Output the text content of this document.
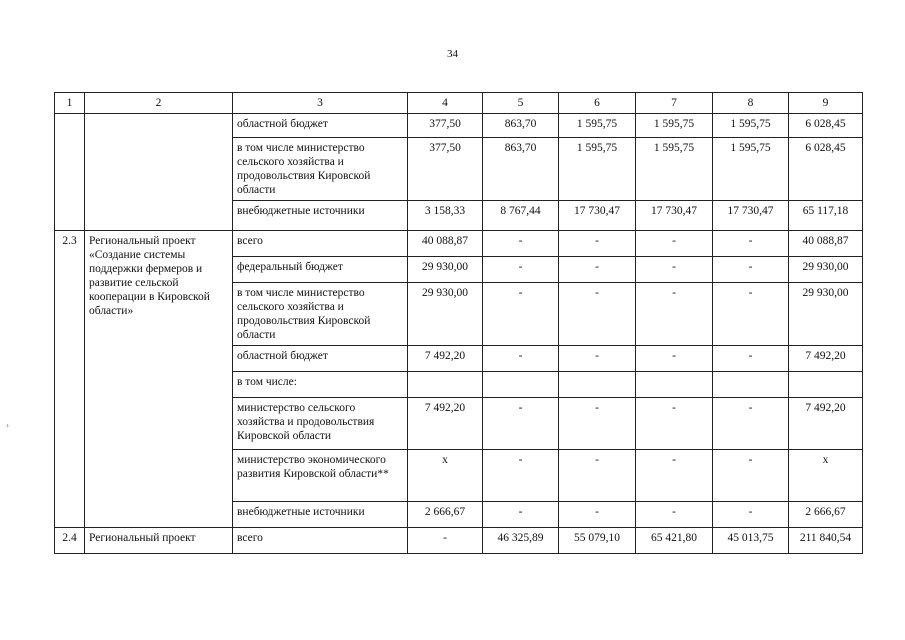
34
1	2	3	4	5	6	7	8	9
		областной бюджет	377,50	863,70	1 595,75	1 595,75	1 595,75	6 028,45
		в том числе министерство сельского хозяйства и продовольствия Кировской области	377,50	863,70	1 595,75	1 595,75	1 595,75	6 028,45
		внебюджетные источники	3 158,33	8 767,44	17 730,47	17 730,47	17 730,47	65 117,18
2.3	Региональный проект «Создание системы поддержки фермеров и развитие сельской кооперации в Кировской области»	всего	40 088,87	-	-	-	-	40 088,87
		федеральный бюджет	29 930,00	-	-	-	-	29 930,00
		в том числе министерство сельского хозяйства и продовольствия Кировской области	29 930,00	-	-	-	-	29 930,00
		областной бюджет	7 492,20	-	-	-	-	7 492,20
		в том числе:						
		министерство сельского хозяйства и продовольствия Кировской области	7 492,20	-	-	-	-	7 492,20
		министерство экономического развития Кировской области**	x	-	-	-	-	x
		внебюджетные источники	2 666,67	-	-	-	-	2 666,67
2.4	Региональный проект	всего	-	46 325,89	55 079,10	65 421,80	45 013,75	211 840,54
›
